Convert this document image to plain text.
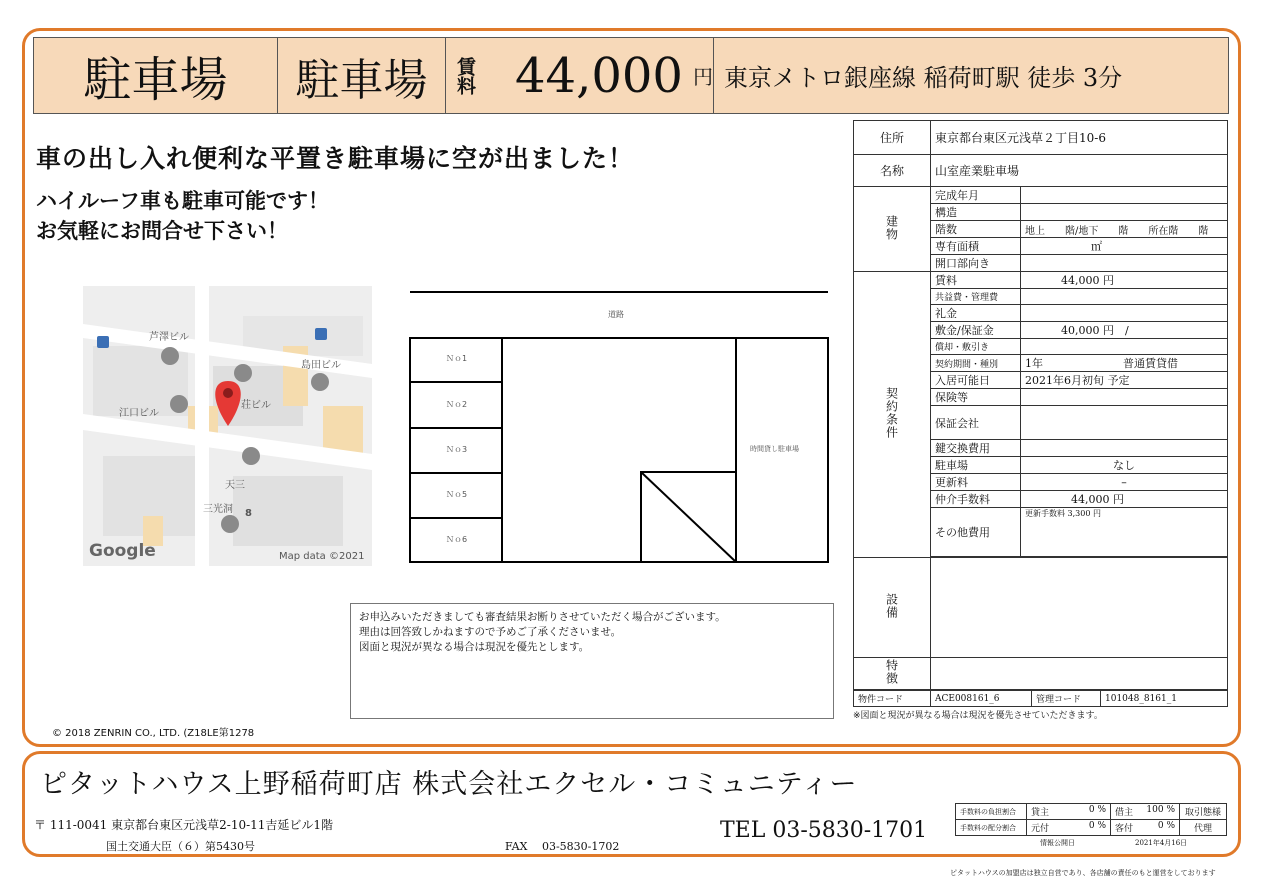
駐車場 駐車場 賃料 44,000 円 東京メトロ銀座線 稲荷町駅 徒歩 3分
車の出し入れ便利な平置き駐車場に空が出ました！
ハイルーフ車も駐車可能です！
お気軽にお問合せ下さい！
芦澤ビル
島田ビル
江口ビル
荘ビル
天三
三光洞 8
Google	Map data ©2021
© 2018 ZENRIN CO., LTD. (Z18LE第1278
道路
Ｎｏ1
Ｎｏ2
Ｎｏ3
Ｎｏ5
Ｎｏ6
時間貸し駐車場
お申込みいただきましても審査結果お断りさせていただく場合がございます。
理由は回答致しかねますので予めご了承くださいませ。
図面と現況が異なる場合は現況を優先とします。
住所	東京都台東区元浅草２丁目10-6	
名称	山室産業駐車場	
建物	完成年月	
	構造	
	階数	地上　　階/地下　　階　　所在階　　階
	専有面積	㎡
	開口部向き	
契約条件	賃料	44,000 円
	共益費・管理費	
	礼金	
	敷金/保証金	40,000 円　/
	償却・敷引き	
	契約期間・種別	1年 普通賃貸借
	入居可能日	2021年6月初旬 予定
	保険等	
	保証会社	
	鍵交換費用	
	駐車場	なし
	更新料	–
	仲介手数料	44,000 円
	その他費用	更新手数料 3,300 円

設備		
特徴		
物件コード	ACE008161_6	管理コード	101048_8161_1
※図面と現況が異なる場合は現況を優先させていただきます。
ピタットハウス上野稲荷町店 株式会社エクセル・コミュニティー
〒 111-0041 東京都台東区元浅草2-10-11吉延ビル1階
国土交通大臣（６）第5430号	FAX　 03-5830-1702
TEL 03-5830-1701
手数料の負担割合	貸主 0 %	借主 100 %	取引態様
手数料の配分割合	元付 0 %	客付 0 %	代理
情報公開日	2021年4月16日
ピタットハウスの加盟店は独立自営であり、各店舗の責任のもと運営をしております
